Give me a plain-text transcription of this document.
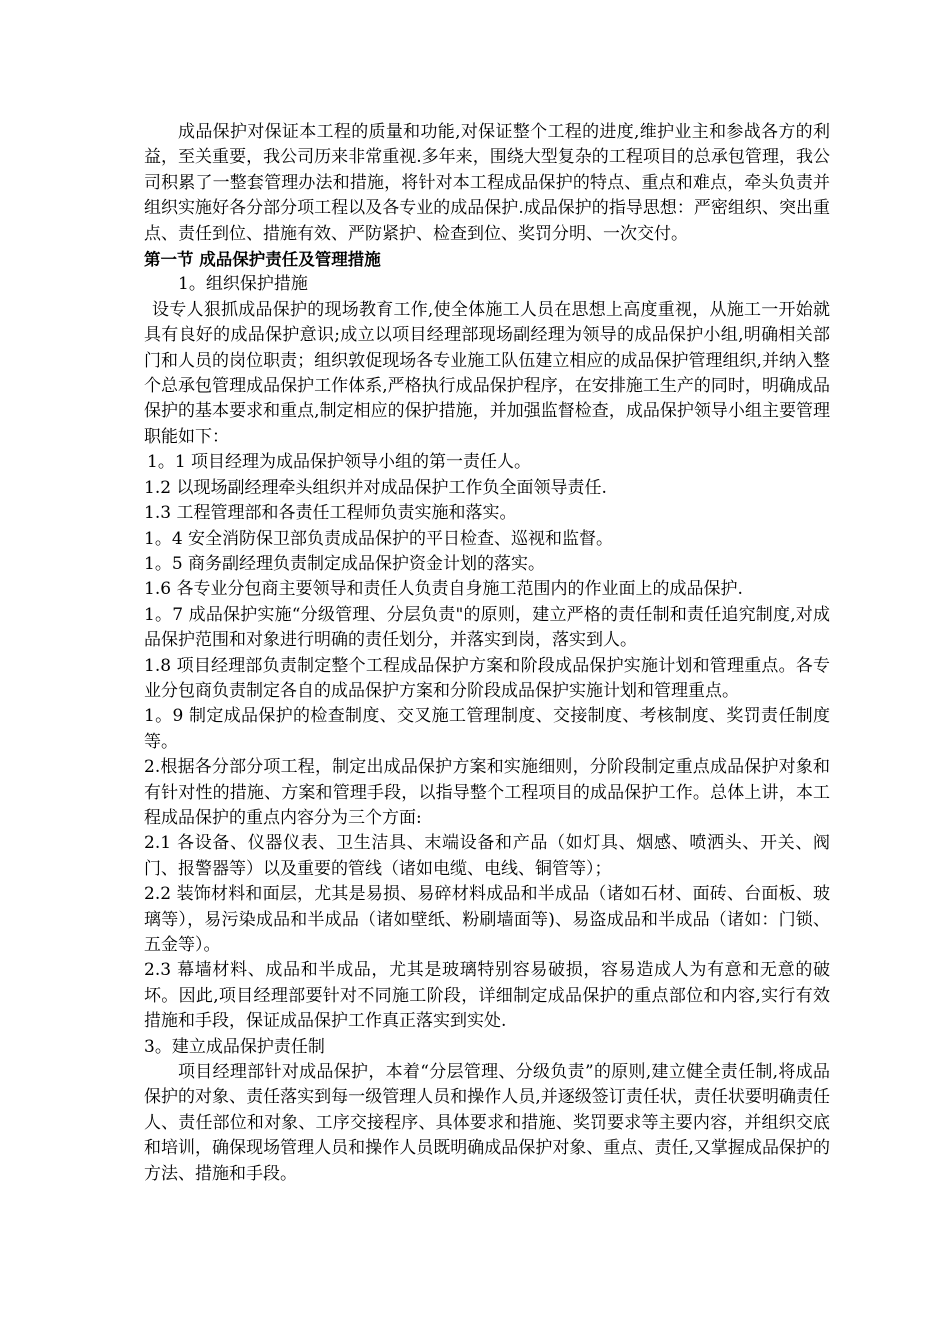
成品保护对保证本工程的质量和功能,对保证整个工程的进度,维护业主和参战各方的利益，至关重要，我公司历来非常重视.多年来，围绕大型复杂的工程项目的总承包管理，我公司积累了一整套管理办法和措施，将针对本工程成品保护的特点、重点和难点，牵头负责并组织实施好各分部分项工程以及各专业的成品保护.成品保护的指导思想：严密组织、突出重点、责任到位、措施有效、严防紧护、检查到位、奖罚分明、一次交付。

第一节 成品保护责任及管理措施

1。组织保护措施

设专人狠抓成品保护的现场教育工作,使全体施工人员在思想上高度重视，从施工一开始就具有良好的成品保护意识;成立以项目经理部现场副经理为领导的成品保护小组,明确相关部门和人员的岗位职责；组织敦促现场各专业施工队伍建立相应的成品保护管理组织,并纳入整个总承包管理成品保护工作体系,严格执行成品保护程序，在安排施工生产的同时，明确成品保护的基本要求和重点,制定相应的保护措施，并加强监督检查，成品保护领导小组主要管理职能如下：

1。1 项目经理为成品保护领导小组的第一责任人。

1.2 以现场副经理牵头组织并对成品保护工作负全面领导责任.

1.3 工程管理部和各责任工程师负责实施和落实。

1。4 安全消防保卫部负责成品保护的平日检查、巡视和监督。

1。5 商务副经理负责制定成品保护资金计划的落实。

1.6 各专业分包商主要领导和责任人负责自身施工范围内的作业面上的成品保护.

1。7 成品保护实施“分级管理、分层负责"的原则，建立严格的责任制和责任追究制度,对成品保护范围和对象进行明确的责任划分，并落实到岗，落实到人。

1.8 项目经理部负责制定整个工程成品保护方案和阶段成品保护实施计划和管理重点。各专业分包商负责制定各自的成品保护方案和分阶段成品保护实施计划和管理重点。

1。9 制定成品保护的检查制度、交叉施工管理制度、交接制度、考核制度、奖罚责任制度等。

2.根据各分部分项工程，制定出成品保护方案和实施细则，分阶段制定重点成品保护对象和有针对性的措施、方案和管理手段，以指导整个工程项目的成品保护工作。总体上讲，本工程成品保护的重点内容分为三个方面:

2.1 各设备、仪器仪表、卫生洁具、末端设备和产品（如灯具、烟感、喷洒头、开关、阀门、报警器等）以及重要的管线（诸如电缆、电线、铜管等）；

2.2 装饰材料和面层，尤其是易损、易碎材料成品和半成品（诸如石材、面砖、台面板、玻璃等），易污染成品和半成品（诸如壁纸、粉刷墙面等)、易盗成品和半成品（诸如：门锁、五金等）。

2.3 幕墙材料、成品和半成品，尤其是玻璃特别容易破损，容易造成人为有意和无意的破坏。因此,项目经理部要针对不同施工阶段，详细制定成品保护的重点部位和内容,实行有效措施和手段，保证成品保护工作真正落实到实处.

3。建立成品保护责任制

项目经理部针对成品保护，本着“分层管理、分级负责”的原则,建立健全责任制,将成品保护的对象、责任落实到每一级管理人员和操作人员,并逐级签订责任状，责任状要明确责任人、责任部位和对象、工序交接程序、具体要求和措施、奖罚要求等主要内容，并组织交底和培训，确保现场管理人员和操作人员既明确成品保护对象、重点、责任,又掌握成品保护的方法、措施和手段。
